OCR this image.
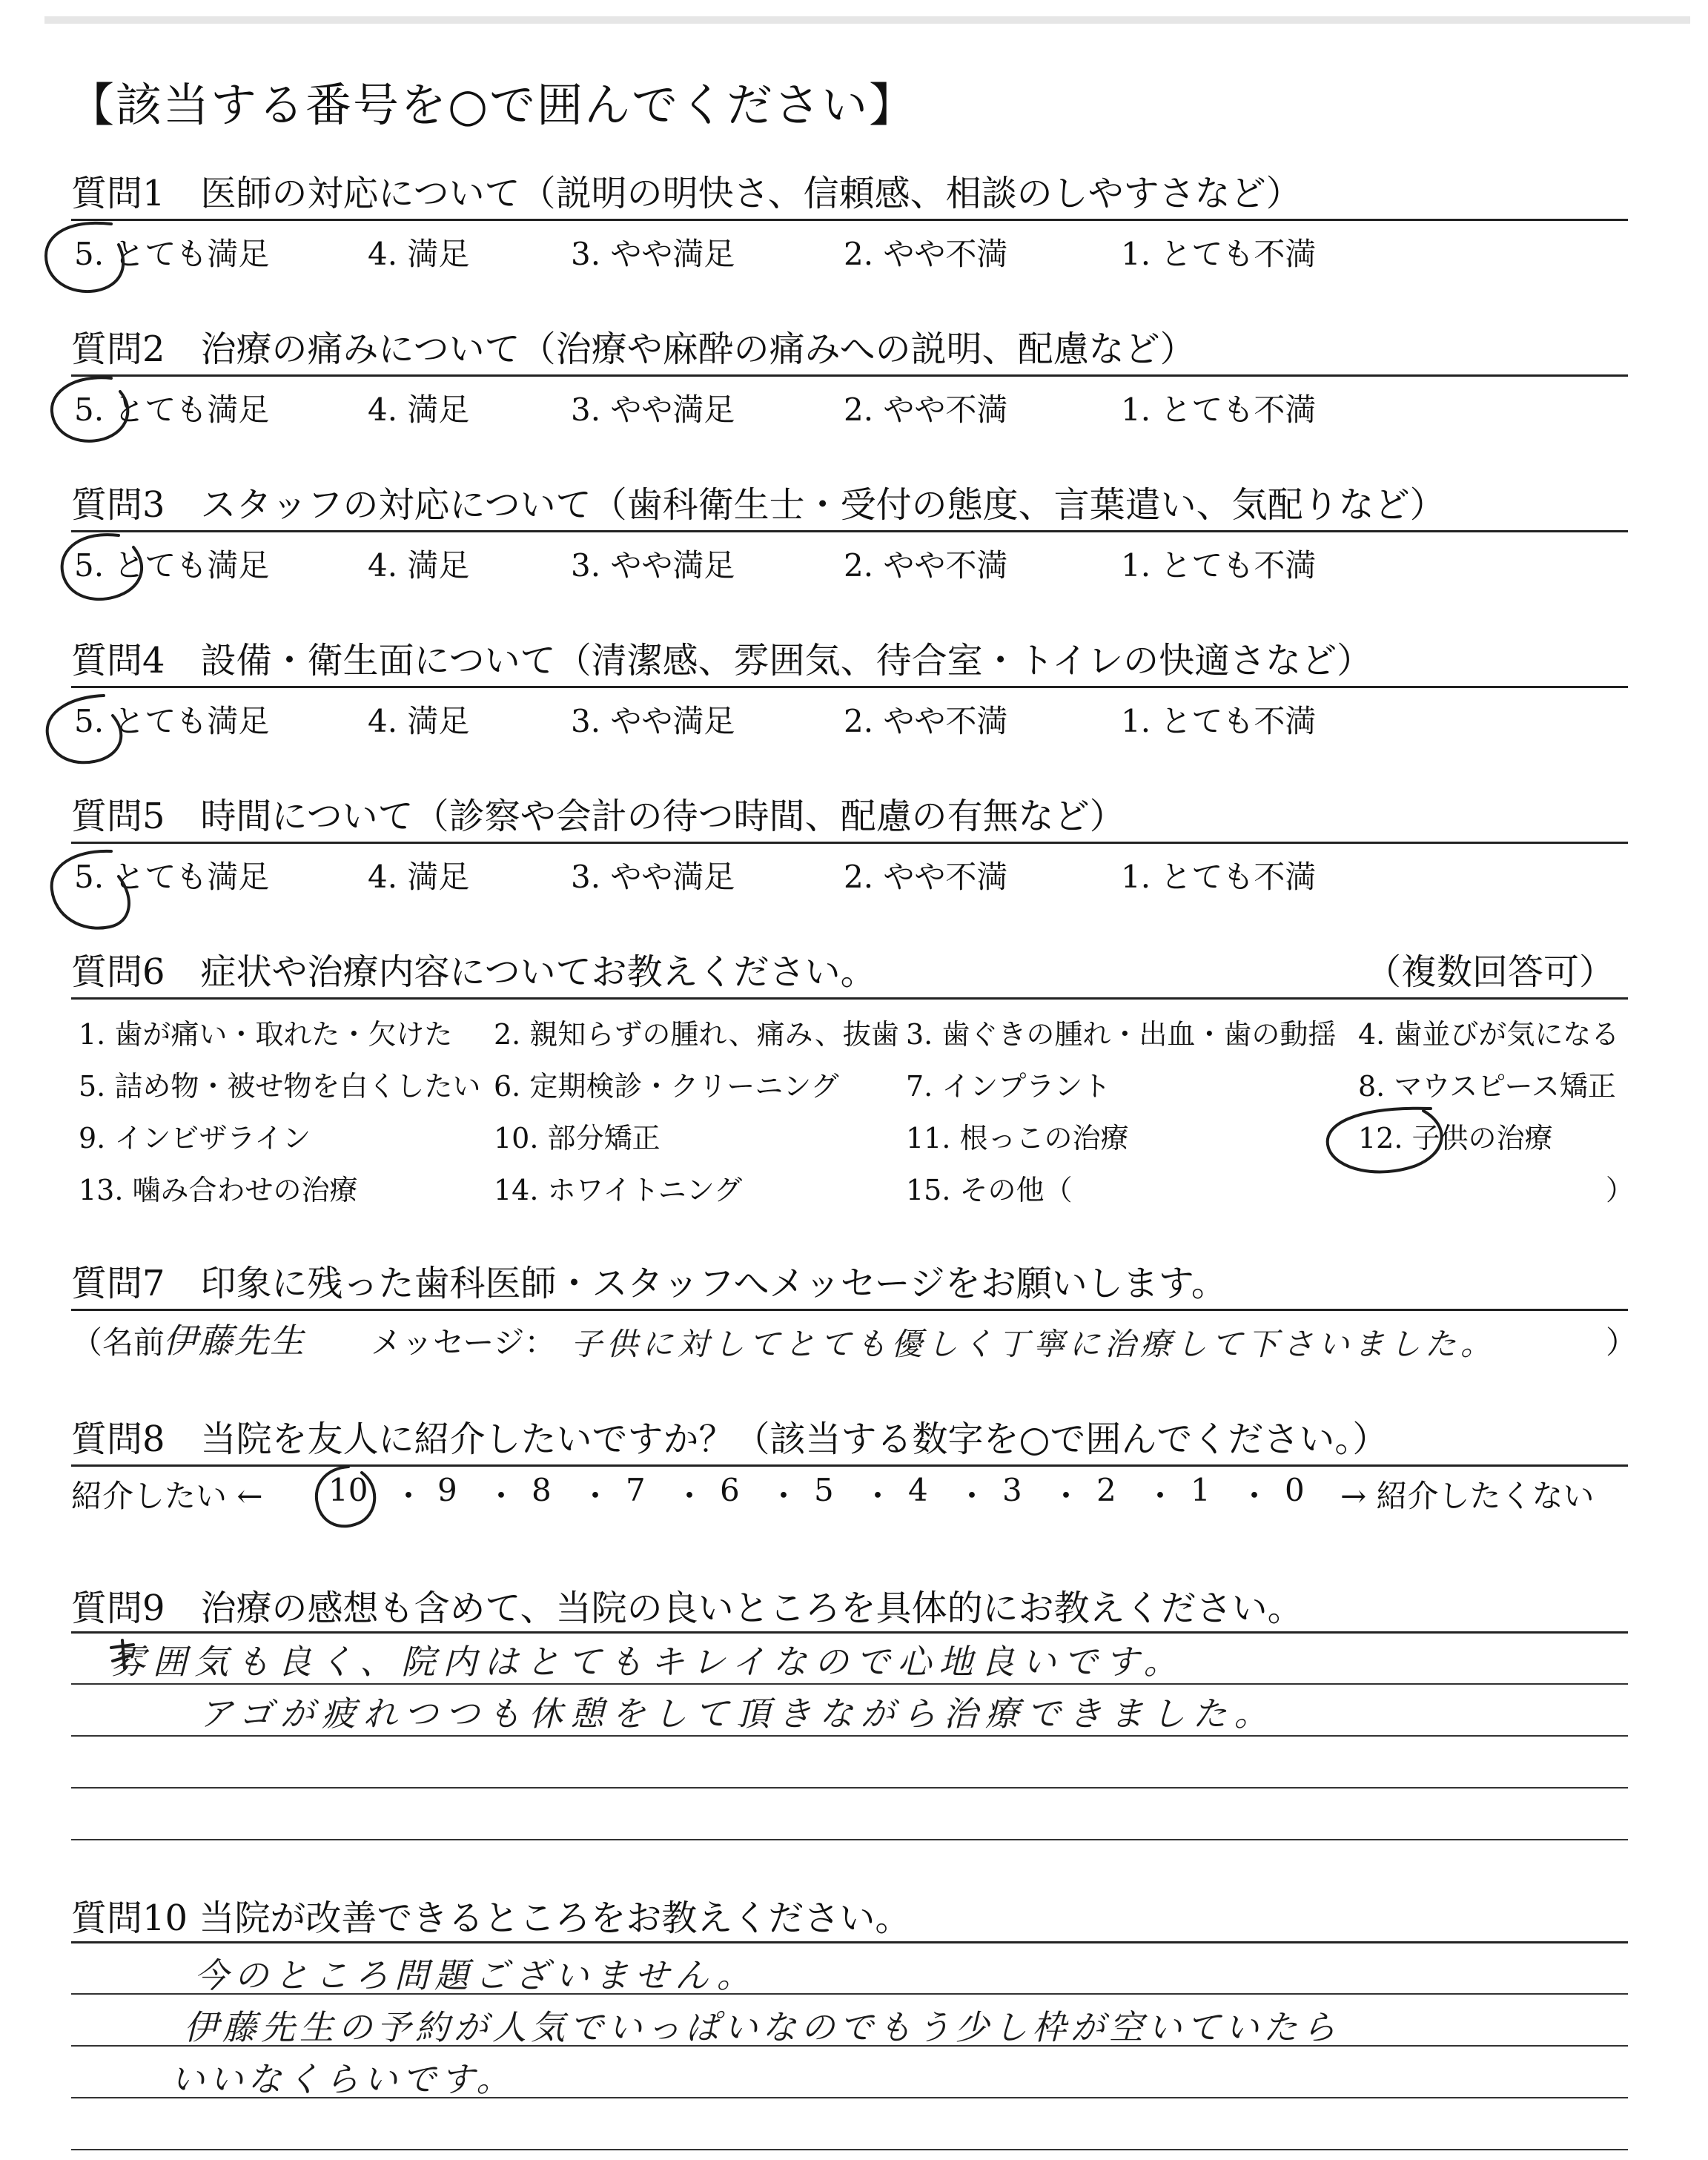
【該当する番号を○で囲んでください】
質問1　医師の対応について（説明の明快さ、信頼感、相談のしやすさなど）
5. とても満足	4. 満足	3. やや満足	2. やや不満	1. とても不満
質問2　治療の痛みについて（治療や麻酔の痛みへの説明、配慮など）
5. とても満足	4. 満足	3. やや満足	2. やや不満	1. とても不満
質問3　スタッフの対応について（歯科衛生士・受付の態度、言葉遣い、気配りなど）
5. とても満足	4. 満足	3. やや満足	2. やや不満	1. とても不満
質問4　設備・衛生面について（清潔感、雰囲気、待合室・トイレの快適さなど）
5. とても満足	4. 満足	3. やや満足	2. やや不満	1. とても不満
質問5　時間について（診察や会計の待つ時間、配慮の有無など）
5. とても満足	4. 満足	3. やや満足	2. やや不満	1. とても不満
質問6　症状や治療内容についてお教えください。	（複数回答可）
1. 歯が痛い・取れた・欠けた 2. 親知らずの腫れ、痛み、抜歯 3. 歯ぐきの腫れ・出血・歯の動揺 4. 歯並びが気になる
5. 詰め物・被せ物を白くしたい 6. 定期検診・クリーニング 7. インプラント	8. マウスピース矯正
9. インビザライン	10. 部分矯正	11. 根っこの治療	12. 子供の治療
13. 噛み合わせの治療	14. ホワイトニング	15. その他（	）
質問7　印象に残った歯科医師・スタッフへメッセージをお願いします。
（名前
伊藤先生 メッセージ： 子供に対してとても優しく丁寧に治療して下さいました。	）
質問8　当院を友人に紹介したいですか？（該当する数字を○で囲んでください。）
紹介したい ← 10 ・ 9 ・ 8 ・ 7 ・ 6 ・ 5 ・ 4 ・ 3 ・ 2 ・ 1 ・ 0 → 紹介したくない
質問9　治療の感想も含めて、当院の良いところを具体的にお教えください。
雰囲気も良く、院内はとてもキレイなので心地良いです。
アゴが疲れつつも休憩をして頂きながら治療できました。
質問10 当院が改善できるところをお教えください。
今のところ問題ございません。
伊藤先生の予約が人気でいっぱいなのでもう少し枠が空いていたら
いいなくらいです。
